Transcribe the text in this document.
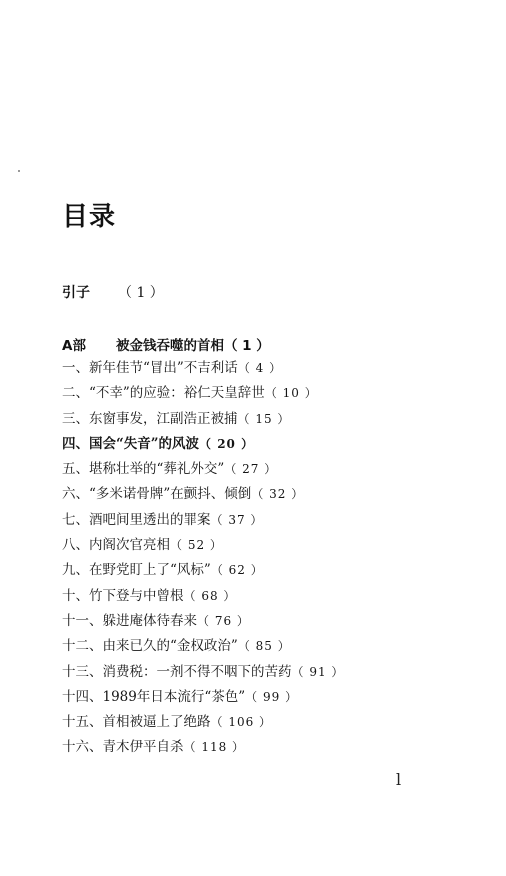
目录
引子 （ 1 ）
A部 被金钱吞噬的首相（ 1 ）
一、新年佳节“冒出”不吉利话（ 4 ）
二、“不幸”的应验：裕仁天皇辞世（ 10 ）
三、东窗事发，江副浩正被捕（ 15 ）
四、国会“失音”的风波（ 20 ）
五、堪称壮举的“葬礼外交”（ 27 ）
六、“多米诺骨牌”在颤抖、倾倒（ 32 ）
七、酒吧间里透出的罪案（ 37 ）
八、内阁次官亮相（ 52 ）
九、在野党盯上了“风标”（ 62 ）
十、竹下登与中曾根（ 68 ）
十一、躲进庵体待春来（ 76 ）
十二、由来已久的“金权政治”（ 85 ）
十三、消费税：一剂不得不咽下的苦药（ 91 ）
十四、1989年日本流行“茶色”（ 99 ）
十五、首相被逼上了绝路（ 106 ）
十六、青木伊平自杀（ 118 ）
l
